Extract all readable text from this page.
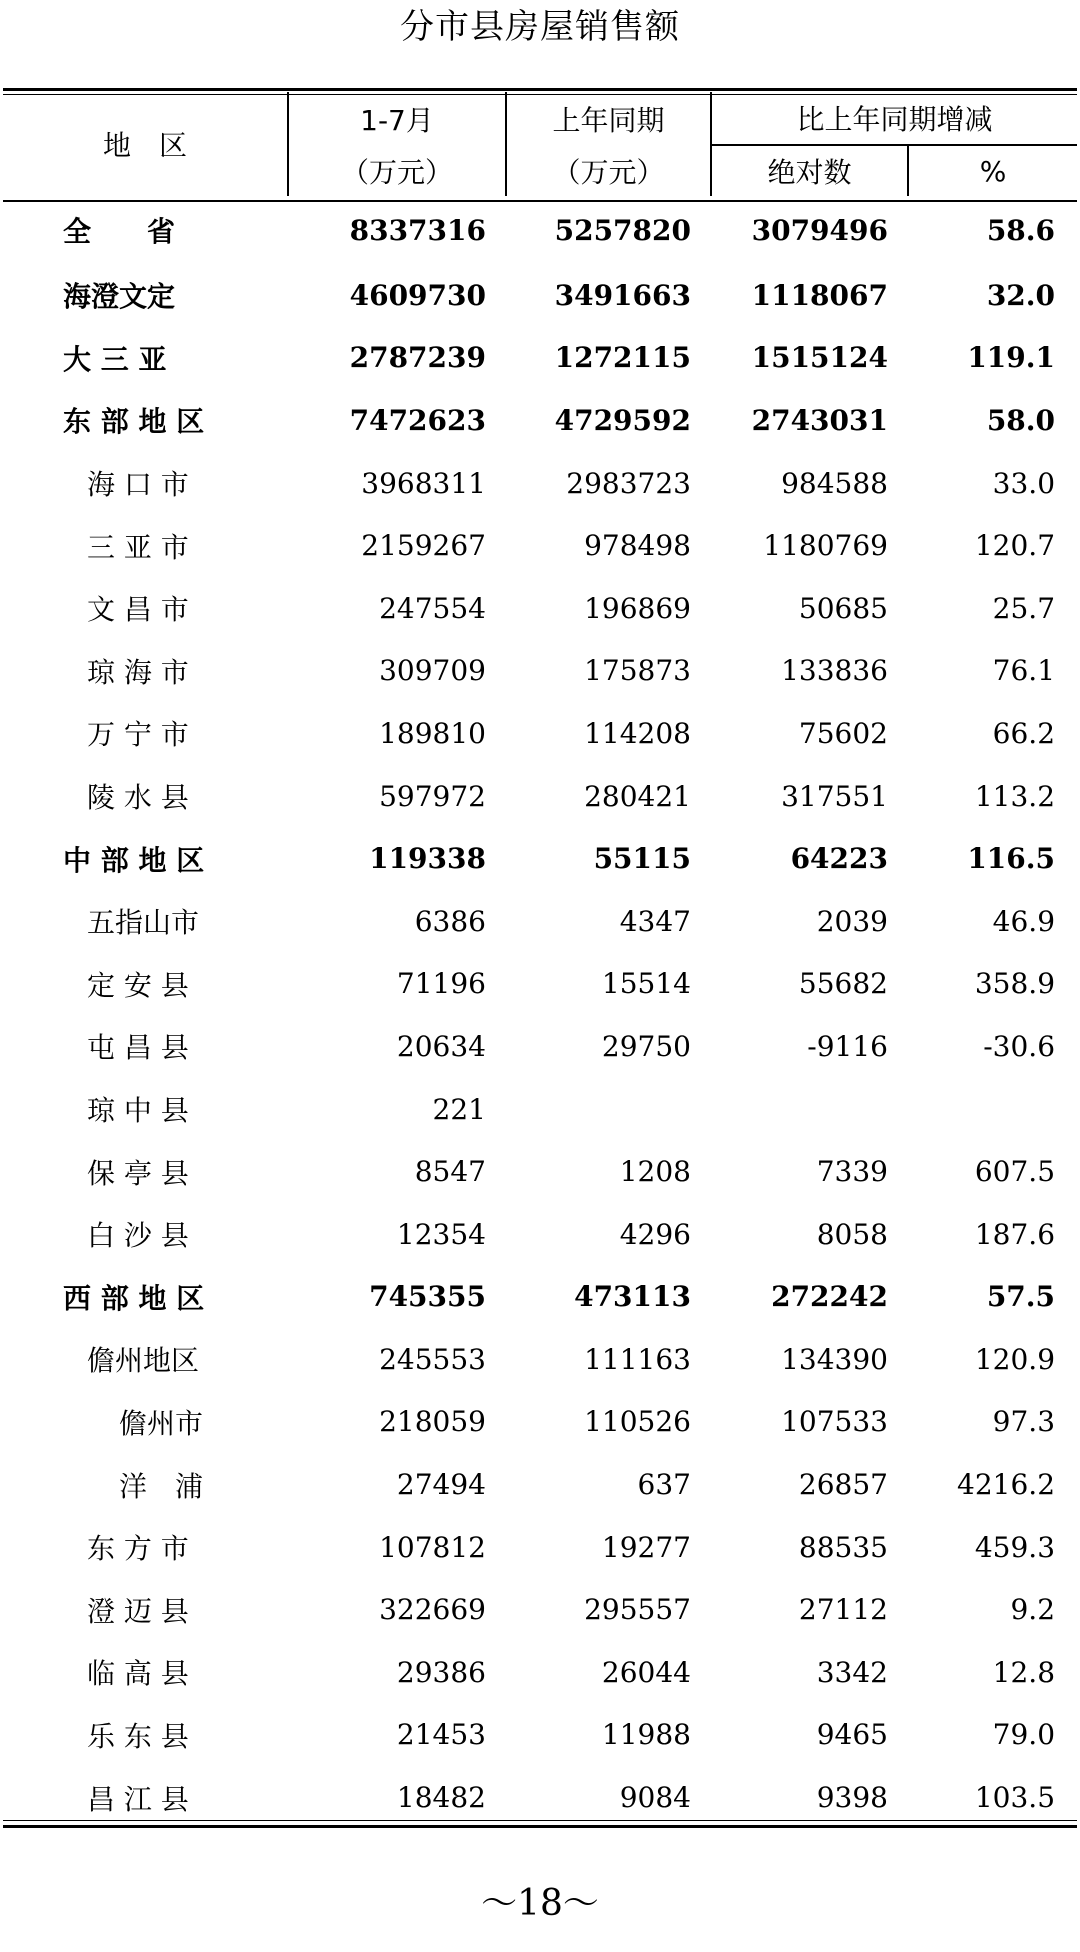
分市县房屋销售额
地　区	1-7月	上年同期	比上年同期增减	
	（万元）	（万元）	绝对数	%
全　　省	8337316	5257820	3079496	58.6
海澄文定	4609730	3491663	1118067	32.0
大 三 亚	2787239	1272115	1515124	119.1
东 部 地 区	7472623	4729592	2743031	58.0
海 口 市	3968311	2983723	984588	33.0
三 亚 市	2159267	978498	1180769	120.7
文 昌 市	247554	196869	50685	25.7
琼 海 市	309709	175873	133836	76.1
万 宁 市	189810	114208	75602	66.2
陵 水 县	597972	280421	317551	113.2
中 部 地 区	119338	55115	64223	116.5
五指山市	6386	4347	2039	46.9
定 安 县	71196	15514	55682	358.9
屯 昌 县	20634	29750	-9116	-30.6
琼 中 县	221			
保 亭 县	8547	1208	7339	607.5
白 沙 县	12354	4296	8058	187.6
西 部 地 区	745355	473113	272242	57.5
儋州地区	245553	111163	134390	120.9
儋州市	218059	110526	107533	97.3
洋　浦	27494	637	26857	4216.2
东 方 市	107812	19277	88535	459.3
澄 迈 县	322669	295557	27112	9.2
临 高 县	29386	26044	3342	12.8
乐 东 县	21453	11988	9465	79.0
昌 江 县	18482	9084	9398	103.5
～18～
